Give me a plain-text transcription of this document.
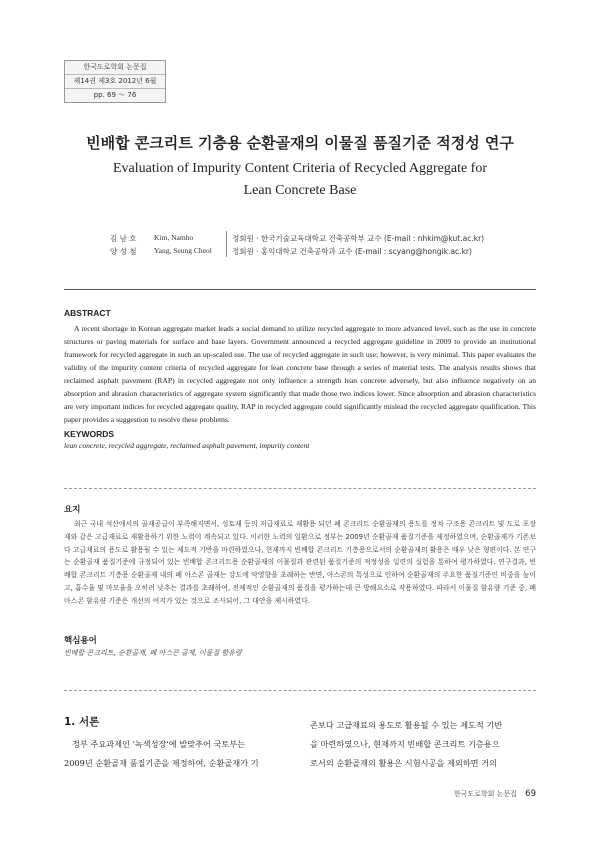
한국도로학회 논문집
제14권 제3호 2012년 6월
pp. 69 ～ 76
빈배합 콘크리트 기층용 순환골재의 이물질 품질기준 적정성 연구
Evaluation of Impurity Content Criteria of Recycled Aggregate for
Lean Concrete Base
김 남 호 Kim, Namho	정회원 · 한국기술교육대학교 건축공학부 교수 (E-mail : nhkim@kut.ac.kr)
양 성 철 Yang, Seung Cheol	정회원 · 홍익대학교 건축공학과 교수 (E-mail : scyang@hongik.ac.kr)
ABSTRACT
A recent shortage in Korean aggregate market leads a social demand to utilize recycled aggregate to more advanced level, such as the use in concrete structures or paving materials for surface and base layers. Government announced a recycled aggregate guideline in 2009 to provide an institutional framework for recycled aggregate in such an up-scaled use. The use of recycled aggregate in such use; however, is very minimal. This paper evaluates the validity of the impurity content criteria of recycled aggregate for lean concrete base through a series of material tests. The analysis results shows that reclaimed asphalt pavement (RAP) in recycled aggregate not only influence a strength lean concrete adversely, but also influence negatively on an absorption and abrasion characteristics of aggregate system significantly that made those two indices lower. Since absorption and abrasion characteristics are very important indices for recycled aggregate quality, RAP in recycled aggregate could significantly mislead the recycled aggregate qualification. This paper provides a suggestion to resolve these problems.
KEYWORDS
lean concrete, recycled aggregate, reclaimed asphalt pavement, impurity content
요지
최근 국내 석산에서의 골재공급이 부족해지면서, 성토재 등의 저급재료로 재활용 되던 폐 콘크리트 순환골재의 용도를 정차 구조용 콘크리트 및 도로 포장재와 같은 고급재료로 재활용하기 위한 노력이 계속되고 있다. 이러한 노력의 일환으로 정부는 2009년 순환골재 품질기준을 제정하였으며, 순환골재가 기존보다 고급재료의 용도로 활용될 수 있는 제도적 기반을 마련하였으나, 현재까지 빈배합 콘크리트 기층용으로서의 순환골재의 활용은 매우 낮은 형편이다. 본 연구는 순환골재 품질기준에 규정되어 있는 빈배합 콘크리트용 순환골재의 이물질과 관련된 품질기준의 적정성을 일련의 실험을 통하여 평가하였다. 연구결과, 빈배합 콘크리트 기층용 순환골재 내의 폐 아스콘 골재는 강도에 악영향을 초래하는 반면, 아스콘의 특성으로 인하여 순환골재의 주요한 품질기준인 비중을 높이고, 흡수율 및 마모율을 오히려 낮추는 결과를 초래하여, 전체적인 순환골재의 품질을 평가하는데 큰 방해요소로 작용하였다. 따라서 이물질 함유량 기준 중, 폐 아스콘 함유량 기준은 개선의 여지가 있는 것으로 조사되어, 그 대안을 제시하였다.
핵심용어
빈배합 콘크리트, 순환골재, 폐 아스콘 골재, 이물질 함유량
1. 서론
정부 주요과제인 '녹색성장'에 발맞추어 국토부는
2009년 순환골재 품질기준을 제정하여, 순환골재가 기
존보다 고급재료의 용도로 활용될 수 있는 제도적 기반
을 마련하였으나, 현재까지 빈배합 콘크리트 기층용으
로서의 순환골재의 활용은 시험시공을 제외하면 거의
한국도로학회 논문집 69
